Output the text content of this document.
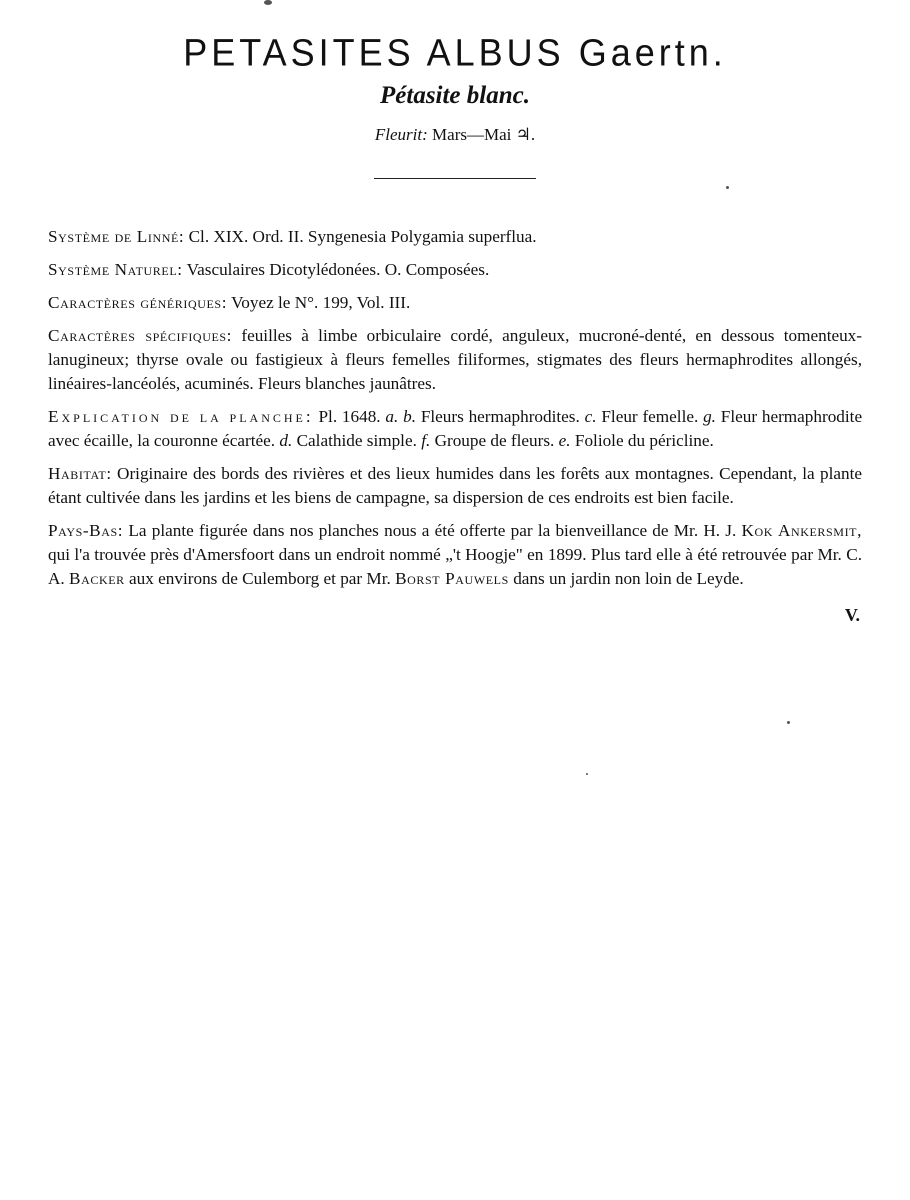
PETASITES ALBUS Gaertn.
Pétasite blanc.
Fleurit: Mars—Mai ♃.

Système de Linné: Cl. XIX. Ord. II. Syngenesia Polygamia superflua.

Système Naturel: Vasculaires Dicotylédonées. O. Composées.

Caractères génériques: Voyez le N°. 199, Vol. III.

Caractères spécifiques: feuilles à limbe orbiculaire cordé, anguleux, mucroné-denté, en dessous tomenteux-lanugineux; thyrse ovale ou fastigieux à fleurs femelles filiformes, stigmates des fleurs hermaphrodites allongés, linéaires-lancéolés, acuminés. Fleurs blanches jaunâtres.

Explication de la planche: Pl. 1648. a. b. Fleurs hermaphrodites. c. Fleur femelle. g. Fleur hermaphrodite avec écaille, la couronne écartée. d. Calathide simple. f. Groupe de fleurs. e. Foliole du péricline.

Habitat: Originaire des bords des rivières et des lieux humides dans les forêts aux montagnes. Cependant, la plante étant cultivée dans les jardins et les biens de campagne, sa dispersion de ces endroits est bien facile.

Pays-Bas: La plante figurée dans nos planches nous a été offerte par la bienveillance de Mr. H. J. Kok Ankersmit, qui l'a trouvée près d'Amersfoort dans un endroit nommé „'t Hoogje" en 1899. Plus tard elle à été retrouvée par Mr. C. A. Backer aux environs de Culemborg et par Mr. Borst Pauwels dans un jardin non loin de Leyde.

V.
